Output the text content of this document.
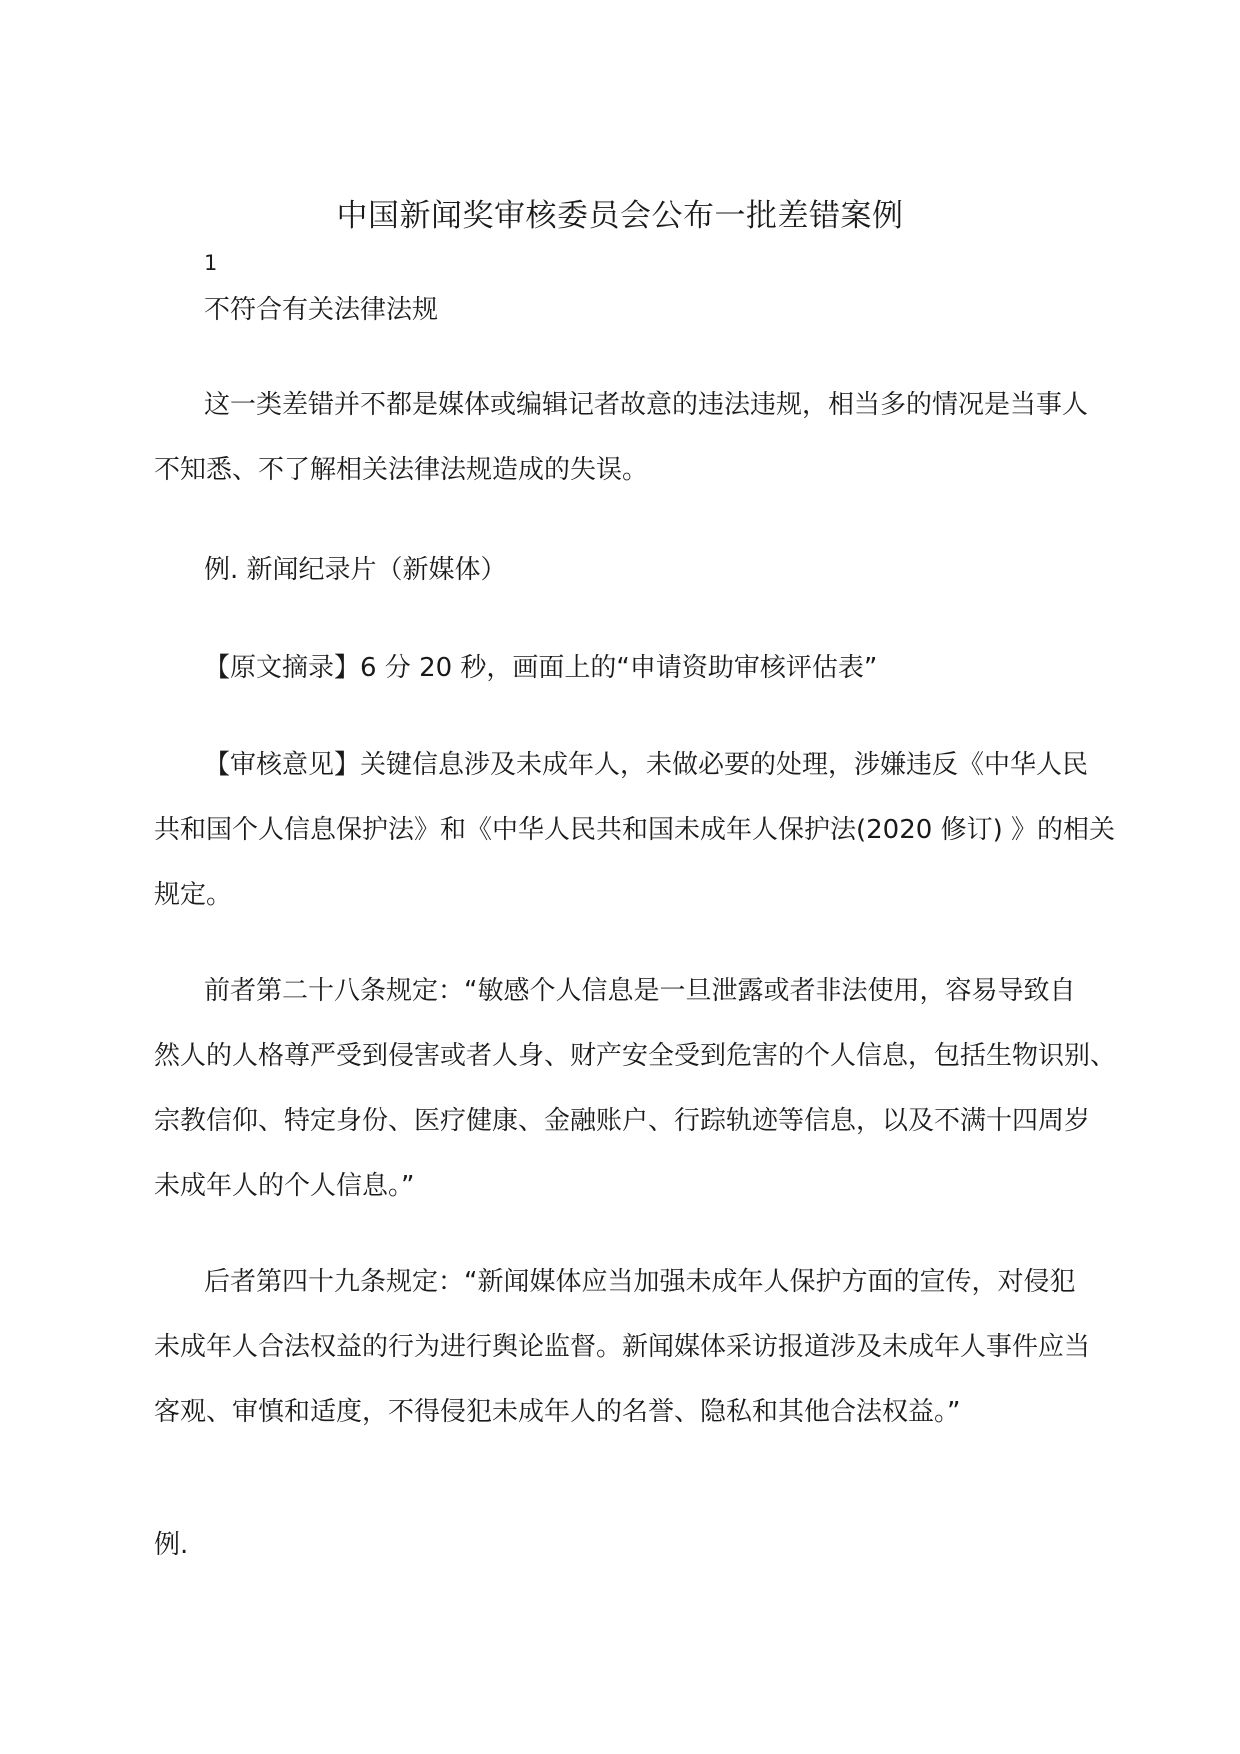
中国新闻奖审核委员会公布一批差错案例
1
不符合有关法律法规
这一类差错并不都是媒体或编辑记者故意的违法违规，相当多的情况是当事人
不知悉、不了解相关法律法规造成的失误。
例. 新闻纪录片（新媒体）
【原文摘录】6 分 20 秒，画面上的“申请资助审核评估表”
【审核意见】关键信息涉及未成年人，未做必要的处理，涉嫌违反《中华人民
共和国个人信息保护法》和《中华人民共和国未成年人保护法(2020 修订) 》的相关
规定。
前者第二十八条规定：“敏感个人信息是一旦泄露或者非法使用，容易导致自
然人的人格尊严受到侵害或者人身、财产安全受到危害的个人信息，包括生物识别、
宗教信仰、特定身份、医疗健康、金融账户、行踪轨迹等信息，以及不满十四周岁
未成年人的个人信息。”
后者第四十九条规定：“新闻媒体应当加强未成年人保护方面的宣传，对侵犯
未成年人合法权益的行为进行舆论监督。新闻媒体采访报道涉及未成年人事件应当
客观、审慎和适度，不得侵犯未成年人的名誉、隐私和其他合法权益。”
例.
